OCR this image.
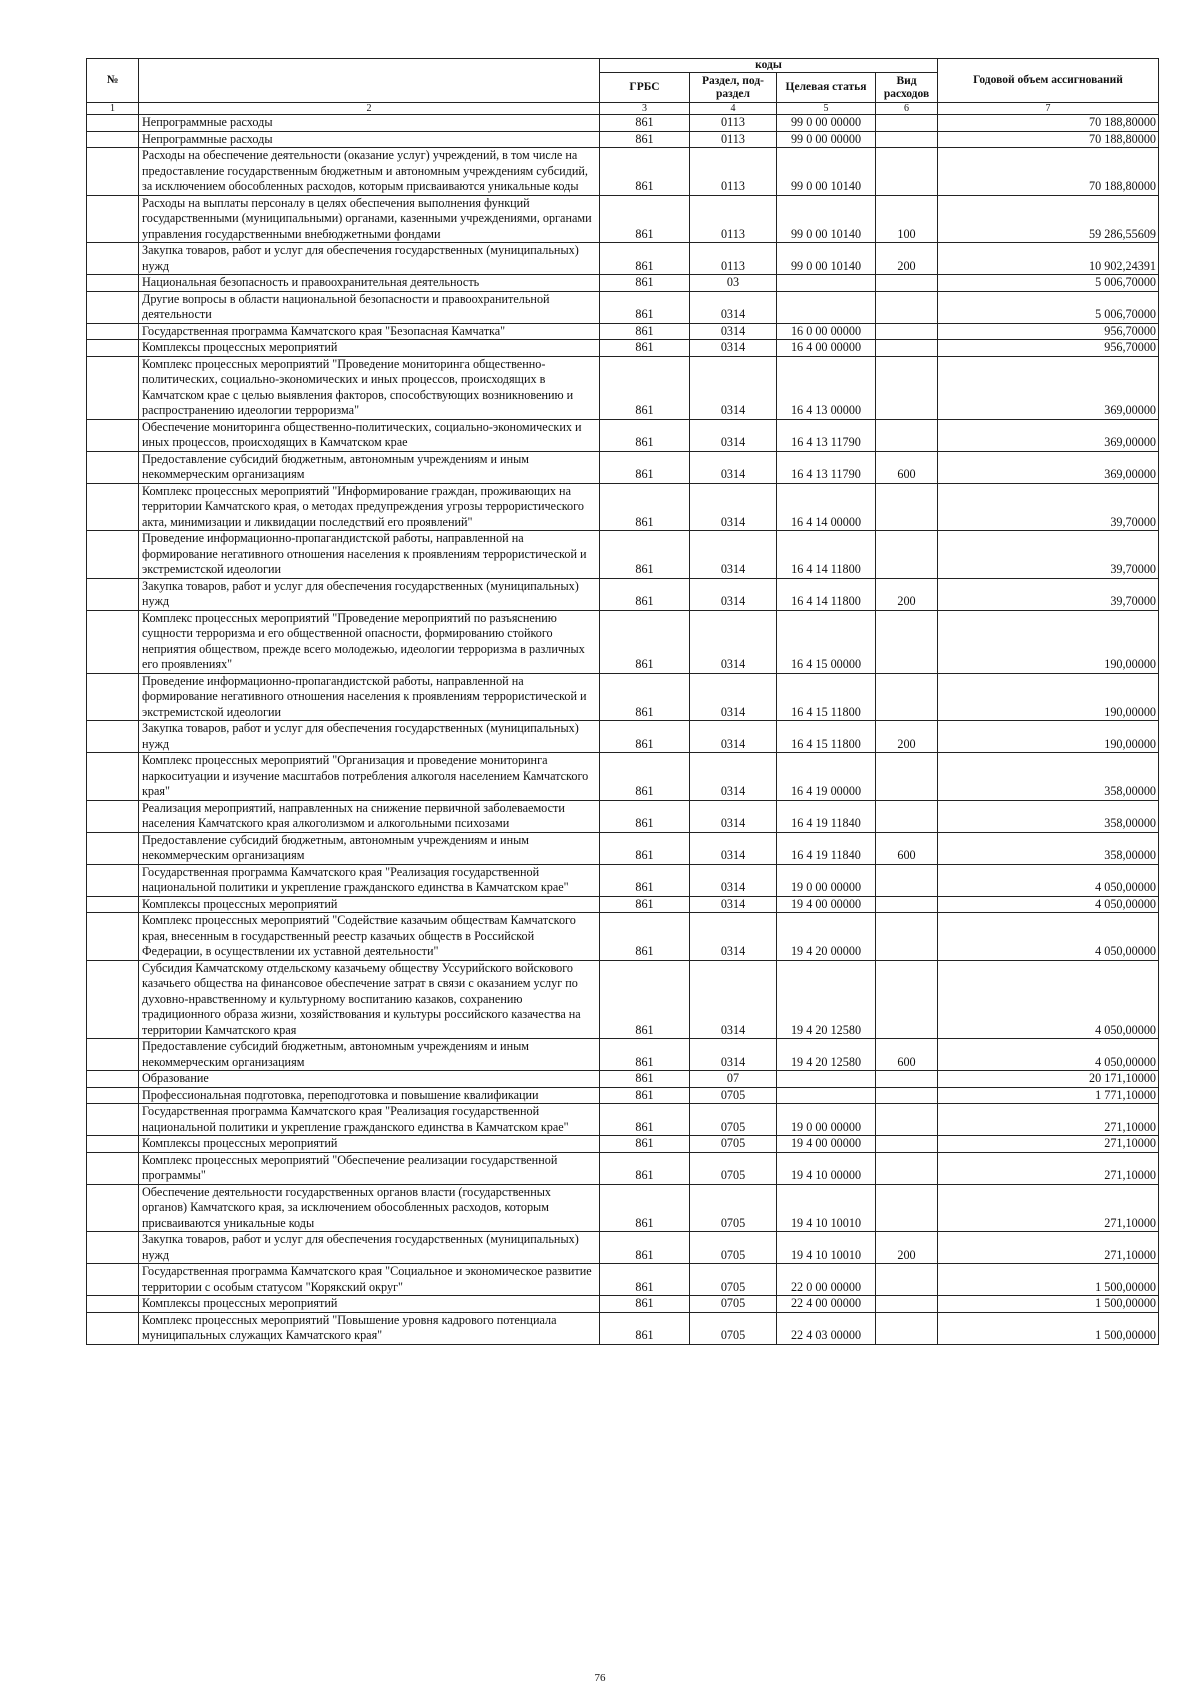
№		коды				Годовой объем ассигнований
		ГРБС	Раздел, под-раздел	Целевая статья	Вид расходов	
1	2	3	4	5	6	7
	Непрограммные расходы	861	0113	99 0 00 00000		70 188,80000
	Непрограммные расходы	861	0113	99 0 00 00000		70 188,80000
	Расходы на обеспечение деятельности (оказание услуг) учреждений, в том числе на предоставление государственным бюджетным и автономным учреждениям субсидий, за исключением обособленных расходов, которым присваиваются уникальные коды	861	0113	99 0 00 10140		70 188,80000
	Расходы на выплаты персоналу в целях обеспечения выполнения функций государственными (муниципальными) органами, казенными учреждениями, органами управления государственными внебюджетными фондами	861	0113	99 0 00 10140	100	59 286,55609
	Закупка товаров, работ и услуг для обеспечения государственных (муниципальных) нужд	861	0113	99 0 00 10140	200	10 902,24391
	Национальная безопасность и правоохранительная деятельность	861	03			5 006,70000
	Другие вопросы в области национальной безопасности и правоохранительной деятельности	861	0314			5 006,70000
	Государственная программа Камчатского края "Безопасная Камчатка"	861	0314	16 0 00 00000		956,70000
	Комплексы процессных мероприятий	861	0314	16 4 00 00000		956,70000
	Комплекс процессных мероприятий "Проведение мониторинга общественно-политических, социально-экономических и иных процессов, происходящих в Камчатском крае с целью выявления факторов, способствующих возникновению и распространению идеологии терроризма"	861	0314	16 4 13 00000		369,00000
	Обеспечение мониторинга общественно-политических, социально-экономических и иных процессов, происходящих в Камчатском крае	861	0314	16 4 13 11790		369,00000
	Предоставление субсидий бюджетным, автономным учреждениям и иным некоммерческим организациям	861	0314	16 4 13 11790	600	369,00000
	Комплекс процессных мероприятий "Информирование граждан, проживающих на территории Камчатского края, о методах предупреждения угрозы террористического акта, минимизации и ликвидации последствий его проявлений"	861	0314	16 4 14 00000		39,70000
	Проведение информационно-пропагандистской работы, направленной на формирование негативного отношения населения к проявлениям террористической и экстремистской идеологии	861	0314	16 4 14 11800		39,70000
	Закупка товаров, работ и услуг для обеспечения государственных (муниципальных) нужд	861	0314	16 4 14 11800	200	39,70000
	Комплекс процессных мероприятий "Проведение мероприятий по разъяснению сущности терроризма и его общественной опасности, формированию стойкого неприятия обществом, прежде всего молодежью, идеологии терроризма в различных его проявлениях"	861	0314	16 4 15 00000		190,00000
	Проведение информационно-пропагандистской работы, направленной на формирование негативного отношения населения к проявлениям террористической и экстремистской идеологии	861	0314	16 4 15 11800		190,00000
	Закупка товаров, работ и услуг для обеспечения государственных (муниципальных) нужд	861	0314	16 4 15 11800	200	190,00000
	Комплекс процессных мероприятий "Организация и проведение мониторинга наркоситуации и изучение масштабов потребления алкоголя населением Камчатского края"	861	0314	16 4 19 00000		358,00000
	Реализация мероприятий, направленных на снижение первичной заболеваемости населения Камчатского края алкоголизмом и алкогольными психозами	861	0314	16 4 19 11840		358,00000
	Предоставление субсидий бюджетным, автономным учреждениям и иным некоммерческим организациям	861	0314	16 4 19 11840	600	358,00000
	Государственная программа Камчатского края "Реализация государственной национальной политики и укрепление гражданского единства в Камчатском крае"	861	0314	19 0 00 00000		4 050,00000
	Комплексы процессных мероприятий	861	0314	19 4 00 00000		4 050,00000
	Комплекс процессных мероприятий "Содействие казачьим обществам Камчатского края, внесенным в государственный реестр казачьих обществ в Российской Федерации, в осуществлении их уставной деятельности"	861	0314	19 4 20 00000		4 050,00000
	Субсидия Камчатскому отдельскому казачьему обществу Уссурийского войскового казачьего общества на финансовое обеспечение затрат в связи с оказанием услуг по духовно-нравственному и культурному воспитанию казаков, сохранению традиционного образа жизни, хозяйствования и культуры российского казачества на территории Камчатского края	861	0314	19 4 20 12580		4 050,00000
	Предоставление субсидий бюджетным, автономным учреждениям и иным некоммерческим организациям	861	0314	19 4 20 12580	600	4 050,00000
	Образование	861	07			20 171,10000
	Профессиональная подготовка, переподготовка и повышение квалификации	861	0705			1 771,10000
	Государственная программа Камчатского края "Реализация государственной национальной политики и укрепление гражданского единства в Камчатском крае"	861	0705	19 0 00 00000		271,10000
	Комплексы процессных мероприятий	861	0705	19 4 00 00000		271,10000
	Комплекс процессных мероприятий "Обеспечение реализации государственной программы"	861	0705	19 4 10 00000		271,10000
	Обеспечение деятельности государственных органов власти (государственных органов) Камчатского края, за исключением обособленных расходов, которым присваиваются уникальные коды	861	0705	19 4 10 10010		271,10000
	Закупка товаров, работ и услуг для обеспечения государственных (муниципальных) нужд	861	0705	19 4 10 10010	200	271,10000
	Государственная программа Камчатского края "Социальное и экономическое развитие территории с особым статусом "Корякский округ"	861	0705	22 0 00 00000		1 500,00000
	Комплексы процессных мероприятий	861	0705	22 4 00 00000		1 500,00000
	Комплекс процессных мероприятий "Повышение уровня кадрового потенциала муниципальных служащих Камчатского края"	861	0705	22 4 03 00000		1 500,00000
76
